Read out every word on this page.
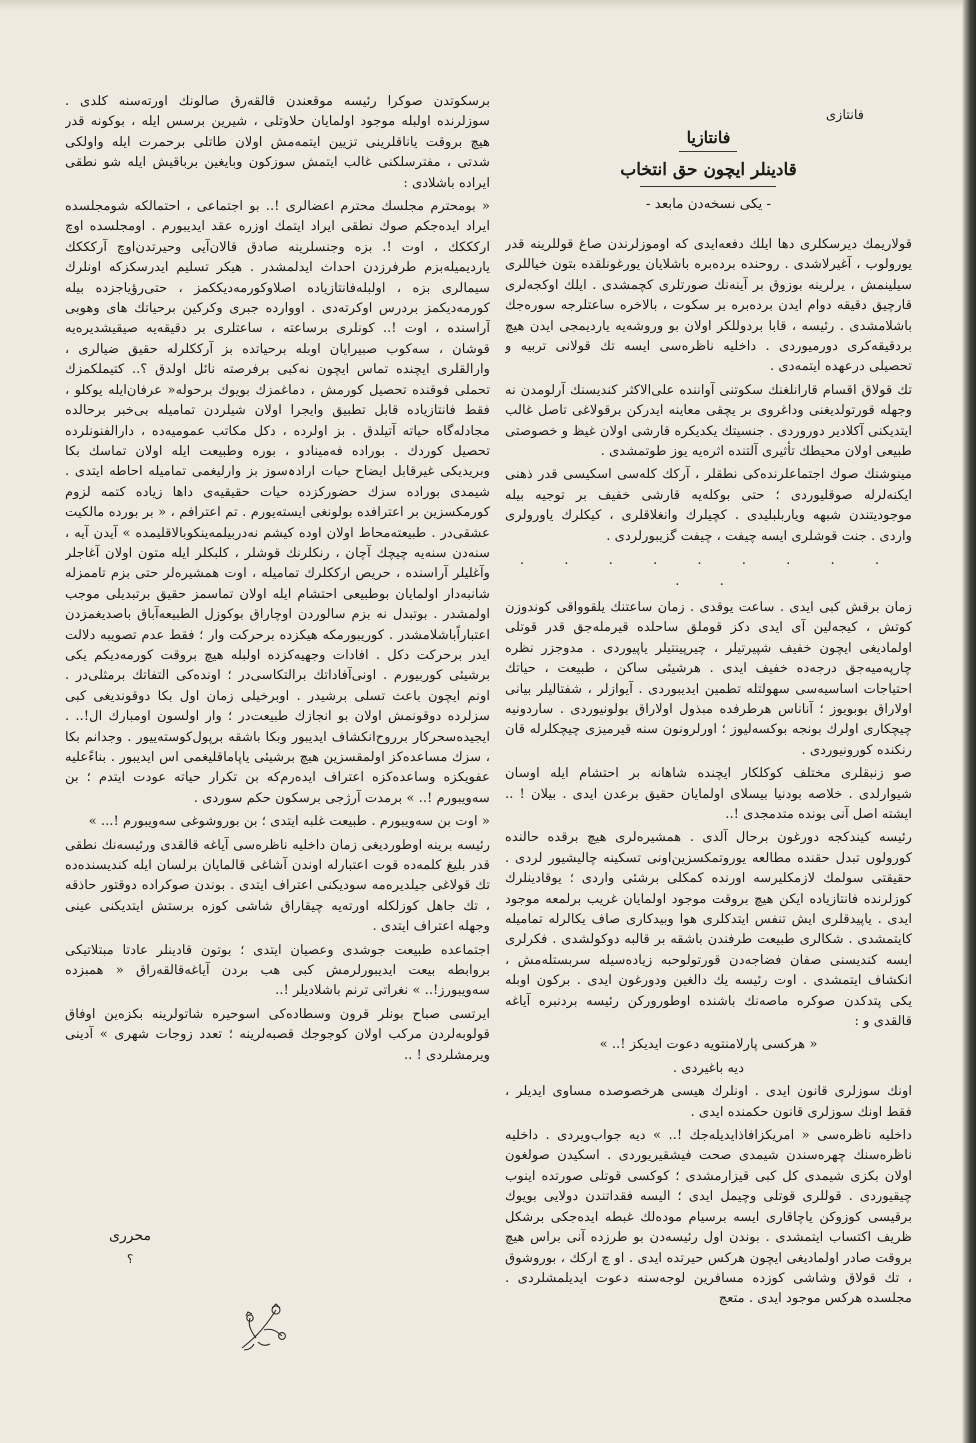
فانتازی
فانتازیا
قادینلر ایچون حق انتخاب
- یکی نسخه‌دن مابعد -

قولاریمك دیرسكلری دها ایلك دفعه‌ایدی كه اوموزلرندن صاغ قوللرینه قدر یورولوب ، آغیرلاشدی . روحنده برده‌بره باشلایان یورغونلقده بتون خیاللری سیلینمش ، یرلرینه بوزوق بر آینه‌نك صورتلری كچمشدی . ایلك اوكجه‌لری قارچیق دقیقه دوام ایدن برده‌بره بر سكوت ، بالاخره ساعتلرجه سوره‌جك باشلامشدی . رئیسه ، قابا بردوللكر اولان بو وروشه‌یه یاردیمجی ایدن هیچ بردقیقه‌كری دورمیوردی . داخلیه ناظره‌سی ایسه تك قولانی تربیه و تحصیلی درعهده ایتمه‌دی .

تك قولاق اقسام قارانلغنك سكوتنی آواننده علی‌الاكثر كندیسنك آرلومدن نه وجهله قورتولدیغنی وداغروی بر یچقی معاینه ایدركن برقولاغی تاصل غالب ایتدیكنی آكلادیر دوروردی . جنسیتك یكدیكره قارشی اولان غیظ و خصوصتی طبیعی اولان محیطك تأثیری آلتنده اثره‌یه یوز طوتمشدی .

مینوشنك صوك اجتماعلرنده‌كی نطقلر ، آركك كله‌سی اسكیسی قدر ذهنی ایكنه‌لرله صوقلیوردی ؛ حتی بوكله‌یه قارشی خفیف بر توجیه بیله موجودیتندن شبهه ویاربلبلیدی . كچیلرك وانغلاقلری ، كیكلرك یاورولری واردی . جنت قوشلری ایسه چیفت ، چیفت گزیبورلردی .

. . . . . . . . . . .

زمان برقش كبی ایدی . ساعت یوقدی . زمان ساعتنك یلقوواقی كوندوزن كوتش ، كیجه‌لین آی ایدی دكز قوملق ساحلده قیرمله‌جق قدر قوتلی اولمادیغی ایچون خفیف شپیرتیلر ، چیرپینتیلر یاپیوردی . مدوجزر نظره چارپه‌میه‌جق درجه‌ده خفیف ایدی . هرشیئی ساكن ، طبیعت ، حیاتك احتیاجات اساسیه‌سی سهولتله تطمین ایدیبوردی . آیوازلر ، شفتاليلر بیانی اولاراق بوبویوز ؛ آناناس هرطرفده مبذول اولاراق بولونیوردی . ساردونیه چیچكاری اولرك بونجه بوكسه‌لیوز ؛ اورلرونون سنه قیرمیزی چیچكلرله قان رنكنده كورونیوردی .

صو زنبقلری مختلف كوكلكار ایچنده شاهانه بر احتشام ایله اوسان شیوارلدی . خلاصه بودنیا بیسلای اولمایان حقیق برعدن ایدی . بیلان ! .. ایشته اصل آنی بونده متدمجدی !..

رئیسه كیندكجه دورغون برحال آلدی . همشیره‌لری هیچ برقده حالنده كورولوں تبدل حقنده مطالعه یوروتمكسزین‌اونی تسكینه چالیشیور لردی . حقیقتی سولمك لازمكلیرسه اورنده كمكلی برشئی واردی ؛ یوقادینلرك كوزلرنده فانتازیاده ایكن هیچ بروقت موجود اولمایان غریب برلمعه موجود ایدی . یاپیدقلری ایش تنفس ایتدكلری هوا وبیدكاری صاف یكالرله تمامیله كایتمشدی . شكالری طبیعت طرفندن باشقه بر قالبه دوكولشدی . فكرلری ایسه كندیسنی صفان فضاجه‌دن قورتولوحبه زیاده‌سیله سربستله‌مش ، انكشاف ایتمشدی . اوت رئیسه یك دالغین ودورغون ایدی . بركون اوبله یكی پتدكدن صوكره ماصه‌نك باشنده اوطورورکن رئیسه بردنبره آیاغه قالقدی و :

« هركسی پارلامنتویه دعوت ایدیكز !.. »

دیه باغیردی .

اونك سوزلری قانون ایدی . اونلرك هیسی هرخصوصده مساوی ایدیلر ، فقط اونك سوزلری قانون حكمنده ایدی .

داخلیه ناظره‌سی « امریكزافاذایدیله‌جك !.. » دیه جواب‌ویردی . داخلیه ناظره‌سنك چهره‌سندن شیمدی صحت فیشقیریوردی . اسكیدن صولغون اولان بكزی شیمدی كل كبی قیزارمشدی ؛ كوكسی قوتلی صورتده اینوب چیقیوردی . قوللری قوتلی وچیمل ایدی ؛ الیسه فقداتندن دولایی بویوك برقیسی كوزوكن یاچاقاری ایسه برسیام موده‌لك غبطه ایده‌جكی برشكل ظریف اكتساب ایتمشدی . بوندن اول رئیسه‌دن بو طرزده آنی براس هیچ بروقت صادر اولمادیغی ایچون هركس حیرتده ایدی . او چ اركك ، بوروشوق ، تك قولاق وشاشی كوزده مسافرین لوجه‌سنه دعوت ایدیلمشلردی . مجلسده هركس موجود ایدی . متعج

برسكوتدن صوكرا رئیسه موقعندن قالقه‌رق صالونك اورته‌سنه كلدی . سوزلرنده اولبله موجود اولمایان حلاوتلی ، شیرین برسس ایله ، بوكونه قدر هیچ بروقت یاناقلرینی تزیین ایتمه‌مش اولان طاتلی برحمرت ایله واولكی شدتی ، مفترسلكنی غالب ایتمش سوزكون وبایغین برباقیش ایله شو نطقی ایراده باشلادی :

« بومحترم مجلسك محترم اعضالری !.. بو اجتماعی ، احتمالكه شومجلسده ایراد ایده‌جكم صوك نطقی ایراد ایتمك اوزره عقد ایدیبورم . اومجلسده اوچ اركككك ، اوت !. بزه وجنسلرینه صادق قالان‌آیی وحیرتدن‌اوچ آركككك یاردیمیله‌بزم طرفرزدن احداث ایدلمشدر . هیكر تسلیم ایدرسكزكه اونلرك سیمالری بزه ، اولبله‌فانتازیاده اصلاوكورمه‌دیككمز ، حتی‌رؤیاجزده بیله كورمه‌دیكمز بردرس اوكرته‌دی . اووارده جبری وكركین برحیاتك های وهوبی آراسنده ، اوت !.. كونلری برساعته ، ساعتلری بر دقیقه‌یه صیقیشدیره‌یه قوشان ، سه‌كوب صبیرایان اوبله برحیاتده بز آرككلرله حقیق ضیالری ، وارالقلری ایچنده تماس ایچون نه‌كبی برفرصته نائل اولدق ؟.. كتیملكمزك تحملی فوقنده تحصیل كورمش ، دماغمزك بویوك برحوله‌« عرفان‌ایله یوكلو ، فقط فانتازیاده قابل تطبیق وایجرا اولان شیلردن تمامیله بی‌خبر برحالده مجادله‌گاه حیاته آتیلدق . بز اولرده ، دكل مكاتب عمومیه‌ده ، دارالفنونلرده تحصیل كوردك . بوراده فه‌مینادو ، بوره وطبیعت ایله اولان تماسك بكا وبریدیكی غیرقابل ایضاح حیات ارادہ‌سوز بز وارلیغمی تمامیله احاطه ایتدی . شیمدی بوراده سزك حضوركزده حیات حقیقیه‌ی داها زیاده كتمه لزوم كورمكسزین بر اعترافده بولونغی ایسته‌یورم . تم اعترافم ، « بر بورده مالكیت عشقی‌در . طبیعته‌محاط اولان اوده كیشم نه‌دربیلمه‌ینكوبالاقلیمده‌ » آیدن آیه ، سنه‌دن سنه‌یه چیچك آچان ، رنكلرنك قوشلر ، كلبكلر ایله متون اولان آغاجلر وآغلیلر آراسنده ، حریص ارككلرك تمامیله ، اوت همشیره‌لر حتی بزم تاممزله شانبه‌دار اولمایان بوطبیعی احتشام ایله اولان تماسمز حقیق برتبدیلی موجب اولمشدر . بوتبدل نه بزم سالوردن اوچاراق بوكوزل الطبیعه‌آباق باصدیغمزدن اعتباراًباشلامشدر . كوریبورمكه هیكزده برحركت وار ؛ فقط عدم تصویبه دلالت ایدر برحركت دكل . افادات وجهیه‌كزده اولبله هیچ بروقت كورمه‌دیكم یكی برشیئی كوربیورم . اونی‌آفاداتك برالتكاسی‌در ؛ اونده‌كی التفاتك برمثلی‌در . اونم ایچون باعث تسلی برشیدر . اوبرخیلی زمان اول بكا دوقوندیغی كبی سزلرده دوقونمش اولان بو انجازك طبیعت‌در ؛ وار اولسون اومبارك ال!..‌ . ایجیده‌سحركار برروح‌انكشاف ایدیبور وبكا باشقه برپول‌كوسته‌ییور . وجدانم بكا ، سزك مساعده‌كز اولمقسزین هیچ برشیئی یاپاماقلیغمی اس ایدیبور . بناءً‌علیه عفویكزه وساعده‌كزه اعتراف ایده‌رم‌كه ‌بن تكرار حیاته عودت ایتدم ؛ بن سه‌ویبورم !.. » برمدت آرژجی برسكون حكم سوردی .

« اوت بن سه‌ویبورم . طبیعت غلبه ایتدی ؛ بن بوروشوغی سه‌ویبورم !... »

رئیسه برینه اوطوردیغی زمان داخلیه ناظره‌سی آیاغه قالقدی ورئیسه‌نك نطقی قدر بلیغ كلمه‌ده قوت اعتبارله اوندن آشاغی قالمایان برلسان ایله كندیسنده‌ده تك قولاغی جیلدیره‌مه سودیكنی اعتراف ایتدی . بوندن صوكراده دوقتور حاذقه ، تك جاهل كوزلكله اورته‌یه چیقاراق شاشی كوزه برستش ایتدیكنی عینی وجهله اعتراف ایتدی .

اجتماعده طبیعت جوشدی وعصیان ایتدی ؛ بوتون قادینلر عادتا مبتلاتیكی بروابطه بیعت ایدیبورلرمش كبی هب بردن آیاغه‌قالقه‌راق « همبزده سه‌ویبورز!.. » نغراتی ترنم باشلادیلر !..

ایرتسی صباح بونلر قرون وسطاده‌كی اسوحیره شاتولرینه بكزه‌ین اوفاق قولوبه‌لردن مركب اولان كوجوجك قصبه‌لرینه ؛ تعدد زوجات شهری » آدینی ویرمشلردی ! ..

محرری
؟
